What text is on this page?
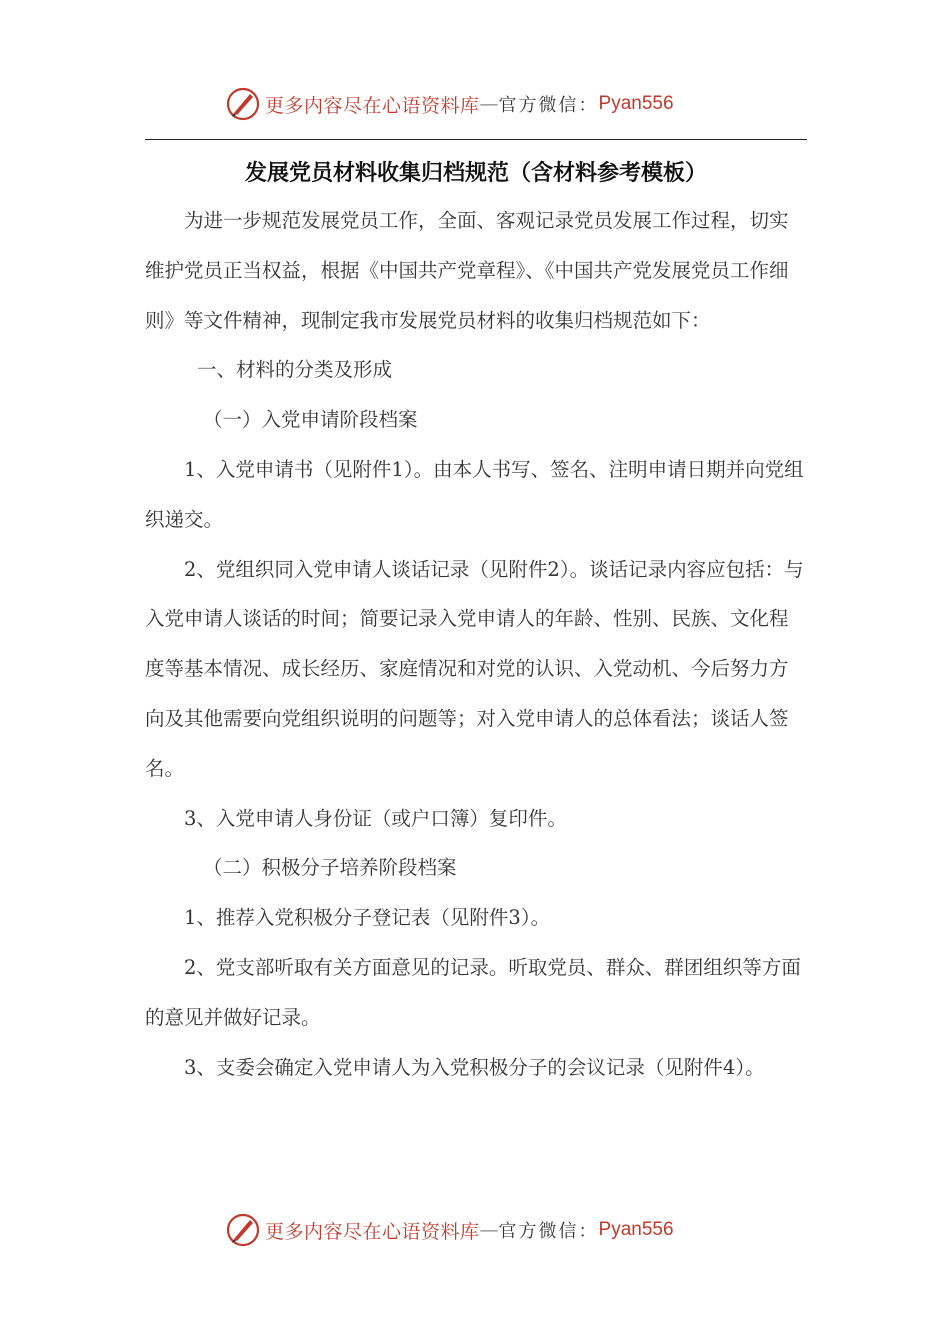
更多内容尽在心语资料库 — 官方微信： Pyan556
发展党员材料收集归档规范（含材料参考模板）

为进一步规范发展党员工作，全面、客观记录党员发展工作过程，切实维护党员正当权益，根据《中国共产党章程》、《中国共产党发展党员工作细则》等文件精神，现制定我市发展党员材料的收集归档规范如下：

一、材料的分类及形成

（一）入党申请阶段档案

1、入党申请书（见附件1）。由本人书写、签名、注明申请日期并向党组织递交。

2、党组织同入党申请人谈话记录（见附件2）。谈话记录内容应包括：与入党申请人谈话的时间；简要记录入党申请人的年龄、性别、民族、文化程度等基本情况、成长经历、家庭情况和对党的认识、入党动机、今后努力方向及其他需要向党组织说明的问题等；对入党申请人的总体看法；谈话人签名。

3、入党申请人身份证（或户口簿）复印件。

（二）积极分子培养阶段档案

1、推荐入党积极分子登记表（见附件3）。

2、党支部听取有关方面意见的记录。听取党员、群众、群团组织等方面的意见并做好记录。

3、支委会确定入党申请人为入党积极分子的会议记录（见附件4）。

更多内容尽在心语资料库 — 官方微信： Pyan556
